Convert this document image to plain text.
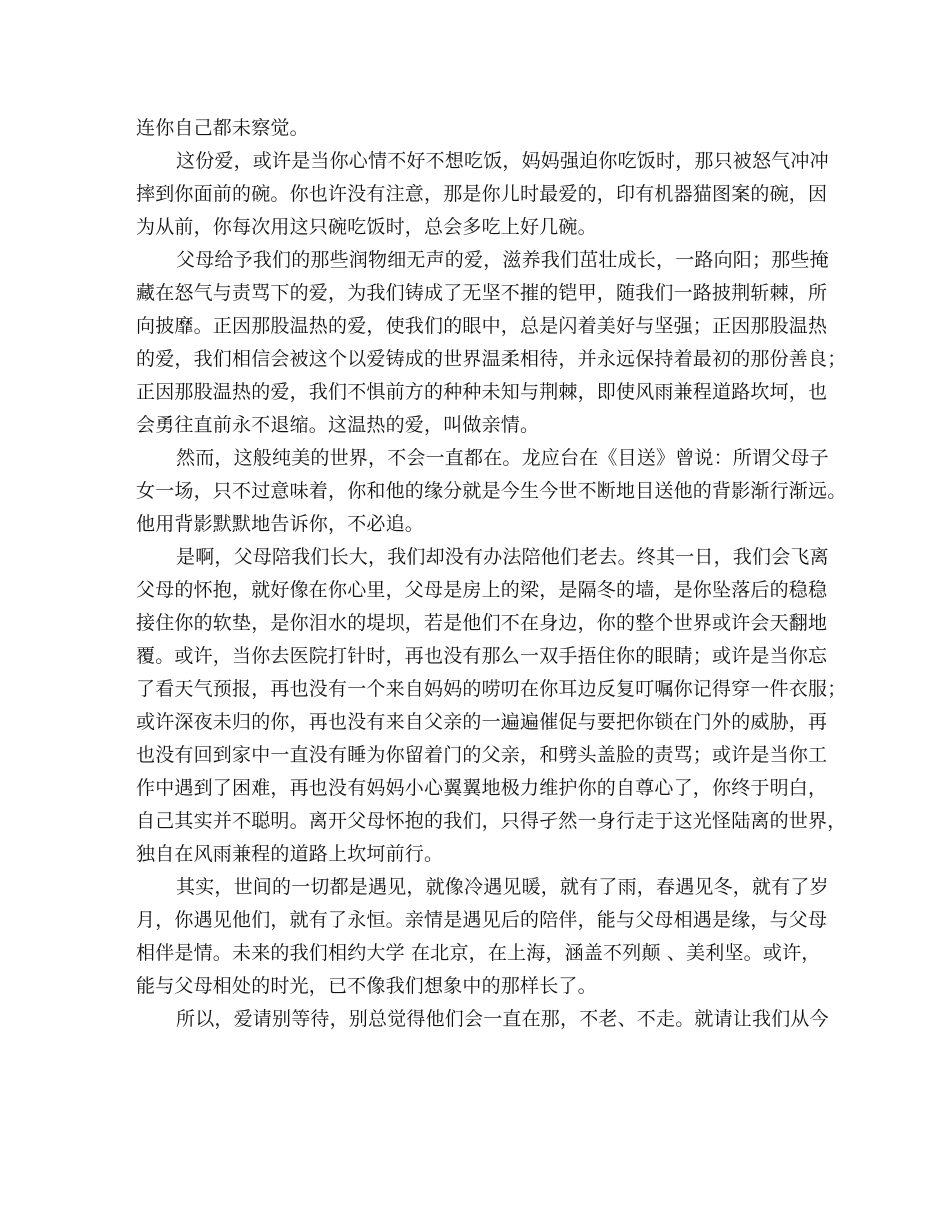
连你自己都未察觉。
这份爱，或许是当你心情不好不想吃饭，妈妈强迫你吃饭时，那只被怒气冲冲
摔到你面前的碗。你也许没有注意，那是你儿时最爱的，印有机器猫图案的碗，因
为从前，你每次用这只碗吃饭时，总会多吃上好几碗。
父母给予我们的那些润物细无声的爱，滋养我们茁壮成长，一路向阳；那些掩
藏在怒气与责骂下的爱，为我们铸成了无坚不摧的铠甲，随我们一路披荆斩棘，所
向披靡。正因那股温热的爱，使我们的眼中，总是闪着美好与坚强；正因那股温热
的爱，我们相信会被这个以爱铸成的世界温柔相待，并永远保持着最初的那份善良；
正因那股温热的爱，我们不惧前方的种种未知与荆棘，即使风雨兼程道路坎坷，也
会勇往直前永不退缩。这温热的爱，叫做亲情。
然而，这般纯美的世界，不会一直都在。龙应台在《目送》曾说：所谓父母子
女一场，只不过意味着，你和他的缘分就是今生今世不断地目送他的背影渐行渐远。
他用背影默默地告诉你，不必追。
是啊，父母陪我们长大，我们却没有办法陪他们老去。终其一日，我们会飞离
父母的怀抱，就好像在你心里，父母是房上的梁，是隔冬的墙，是你坠落后的稳稳
接住你的软垫，是你泪水的堤坝，若是他们不在身边，你的整个世界或许会天翻地
覆。或许，当你去医院打针时，再也没有那么一双手捂住你的眼睛；或许是当你忘
了看天气预报，再也没有一个来自妈妈的唠叨在你耳边反复叮嘱你记得穿一件衣服；
或许深夜未归的你，再也没有来自父亲的一遍遍催促与要把你锁在门外的威胁，再
也没有回到家中一直没有睡为你留着门的父亲，和劈头盖脸的责骂；或许是当你工
作中遇到了困难，再也没有妈妈小心翼翼地极力维护你的自尊心了，你终于明白，
自己其实并不聪明。离开父母怀抱的我们，只得孑然一身行走于这光怪陆离的世界，
独自在风雨兼程的道路上坎坷前行。
其实，世间的一切都是遇见，就像冷遇见暖，就有了雨，春遇见冬，就有了岁
月，你遇见他们，就有了永恒。亲情是遇见后的陪伴，能与父母相遇是缘，与父母
相伴是情。未来的我们相约大学 在北京，在上海，涵盖不列颠 、美利坚。或许，
能与父母相处的时光，已不像我们想象中的那样长了。
所以，爱请别等待，别总觉得他们会一直在那，不老、不走。就请让我们从今
